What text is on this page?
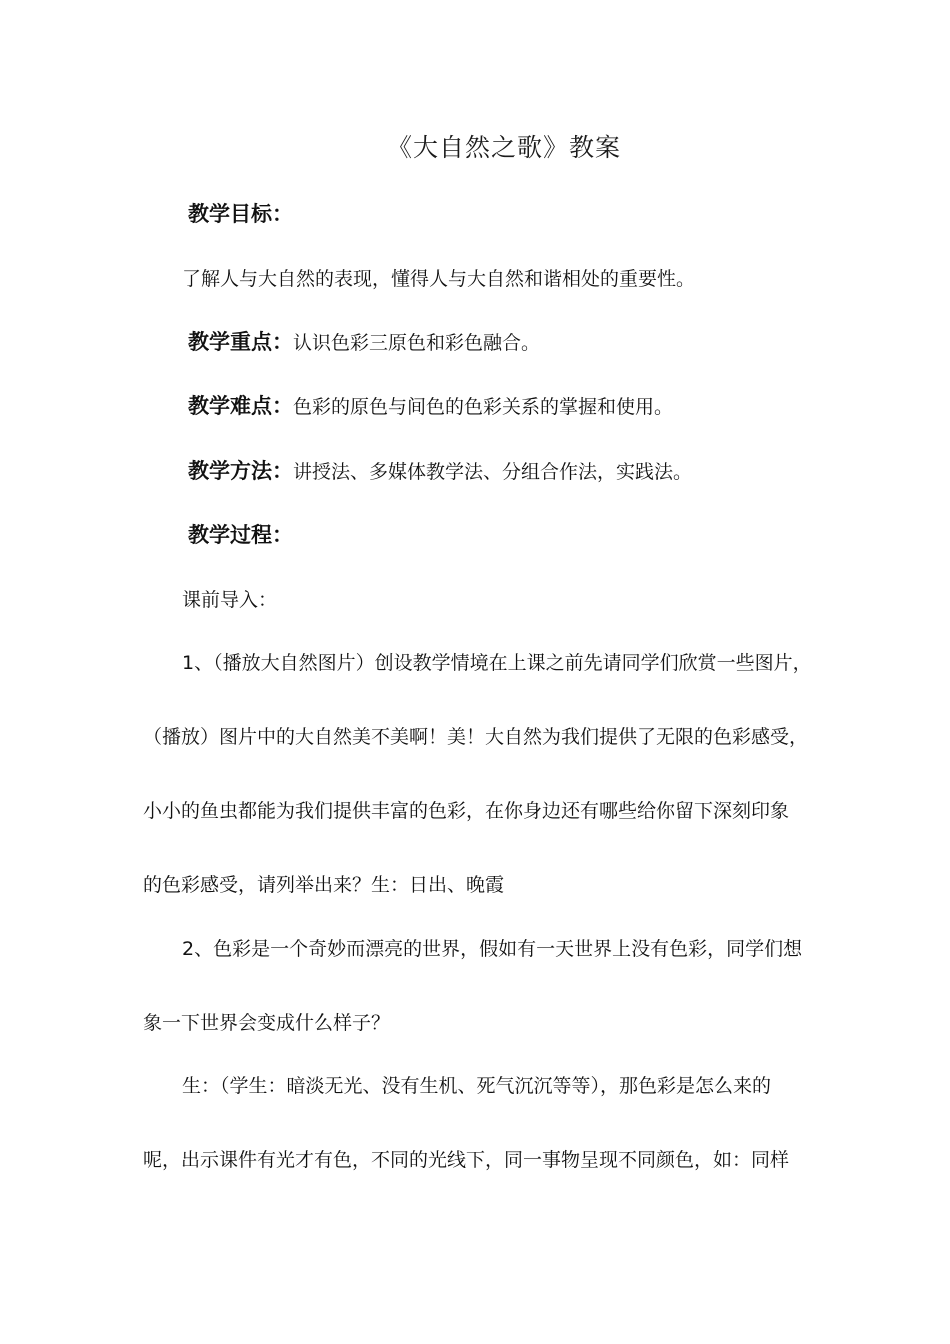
《大自然之歌》教案
教学目标：
了解人与大自然的表现，懂得人与大自然和谐相处的重要性。
教学重点：认识色彩三原色和彩色融合。
教学难点：色彩的原色与间色的色彩关系的掌握和使用。
教学方法：讲授法、多媒体教学法、分组合作法，实践法。
教学过程：
课前导入：
1、（播放大自然图片）创设教学情境在上课之前先请同学们欣赏一些图片，
（播放）图片中的大自然美不美啊！美！大自然为我们提供了无限的色彩感受，
小小的鱼虫都能为我们提供丰富的色彩，在你身边还有哪些给你留下深刻印象
的色彩感受，请列举出来？生：日出、晚霞
2、色彩是一个奇妙而漂亮的世界，假如有一天世界上没有色彩，同学们想
象一下世界会变成什么样子？
生：（学生：暗淡无光、没有生机、死气沉沉等等），那色彩是怎么来的
呢，出示课件有光才有色，不同的光线下，同一事物呈现不同颜色，如：同样
